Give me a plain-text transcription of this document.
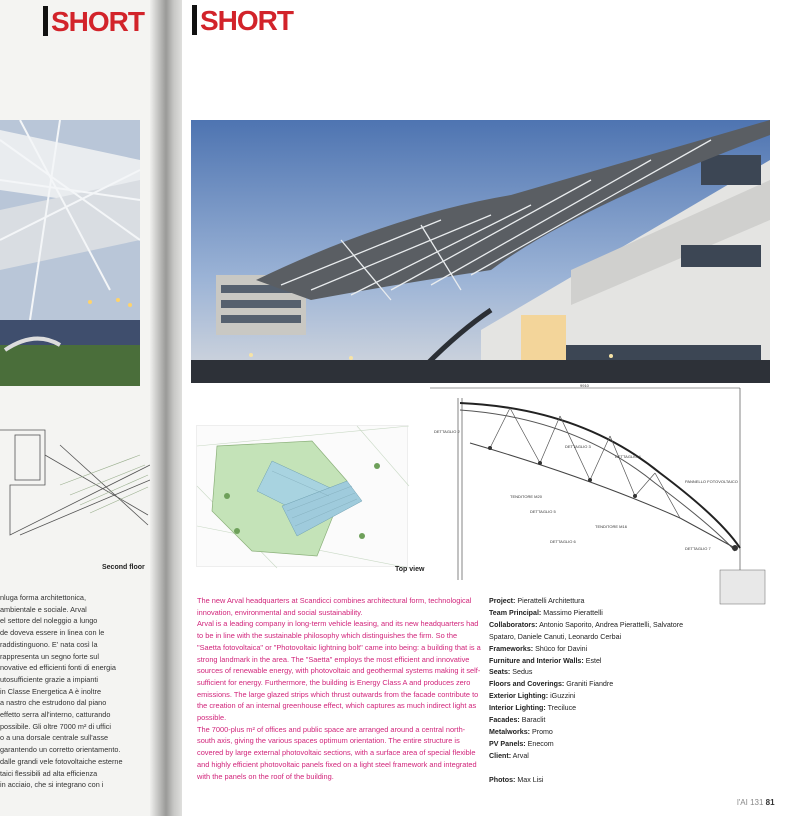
SHORT
Second floor
nluga forma architettonica,
ambientale e sociale. Arval
el settore del noleggio a lungo
de doveva essere in linea con le
raddistinguono. E' nata così la
rappresenta un segno forte sul
novative ed efficienti fonti di energia
utosufficiente grazie a impianti
in Classe Energetica A è inoltre
a nastro che estrudono dal piano
effetto serra all'interno, catturando
possibile. Gli oltre 7000 m² di uffici
o a una dorsale centrale sull'asse
garantendo un corretto orientamento.
dalle grandi vele fotovoltaiche esterne
taici flessibili ad alta efficienza
in acciaio, che si integrano con i
SHORT
Top view
DETTAGLIO 2
DETTAGLIO 3
DETTAGLIO 4
DETTAGLIO 5
DETTAGLIO 6
DETTAGLIO 7
TENDITORE M20
TENDITORE M16
PANNELLO FOTOVOLTAICO
9910

The new Arval headquarters at Scandicci combines architectural form, technological innovation, environmental and social sustainability.

Arval is a leading company in long-term vehicle leasing, and its new headquarters had to be in line with the sustainable philosophy which distinguishes the firm. So the "Saetta fotovoltaica" or "Photovoltaic lightning bolt" came into being: a building that is a strong landmark in the area. The "Saetta" employs the most efficient and innovative sources of renewable energy, with photovoltaic and geothermal systems making it self-sufficient for energy. Furthermore, the building is Energy Class A and produces zero emissions. The large glazed strips which thrust outwards from the facade contribute to the creation of an internal greenhouse effect, which captures as much indirect light as possible.

The 7000-plus m² of offices and public space are arranged around a central north-south axis, giving the various spaces optimum orientation. The entire structure is covered by large external photovoltaic sections, with a surface area of special flexible and highly efficient photovoltaic panels fixed on a light steel framework and integrated with the panels on the roof of the building.

Project: Pierattelli Architettura
Team Principal: Massimo Pierattelli
Collaborators: Antonio Saporito, Andrea Pierattelli, Salvatore Spataro, Daniele Canuti, Leonardo Cerbai
Frameworks: Shüco for Davini
Furniture and Interior Walls: Estel
Seats: Sedus
Floors and Coverings: Graniti Fiandre
Exterior Lighting: iGuzzini
Interior Lighting: Treciluce
Facades: Baraclit
Metalworks: Promo
PV Panels: Enecom
Client: Arval
Photos: Max Lisi
l'AI 131 81
